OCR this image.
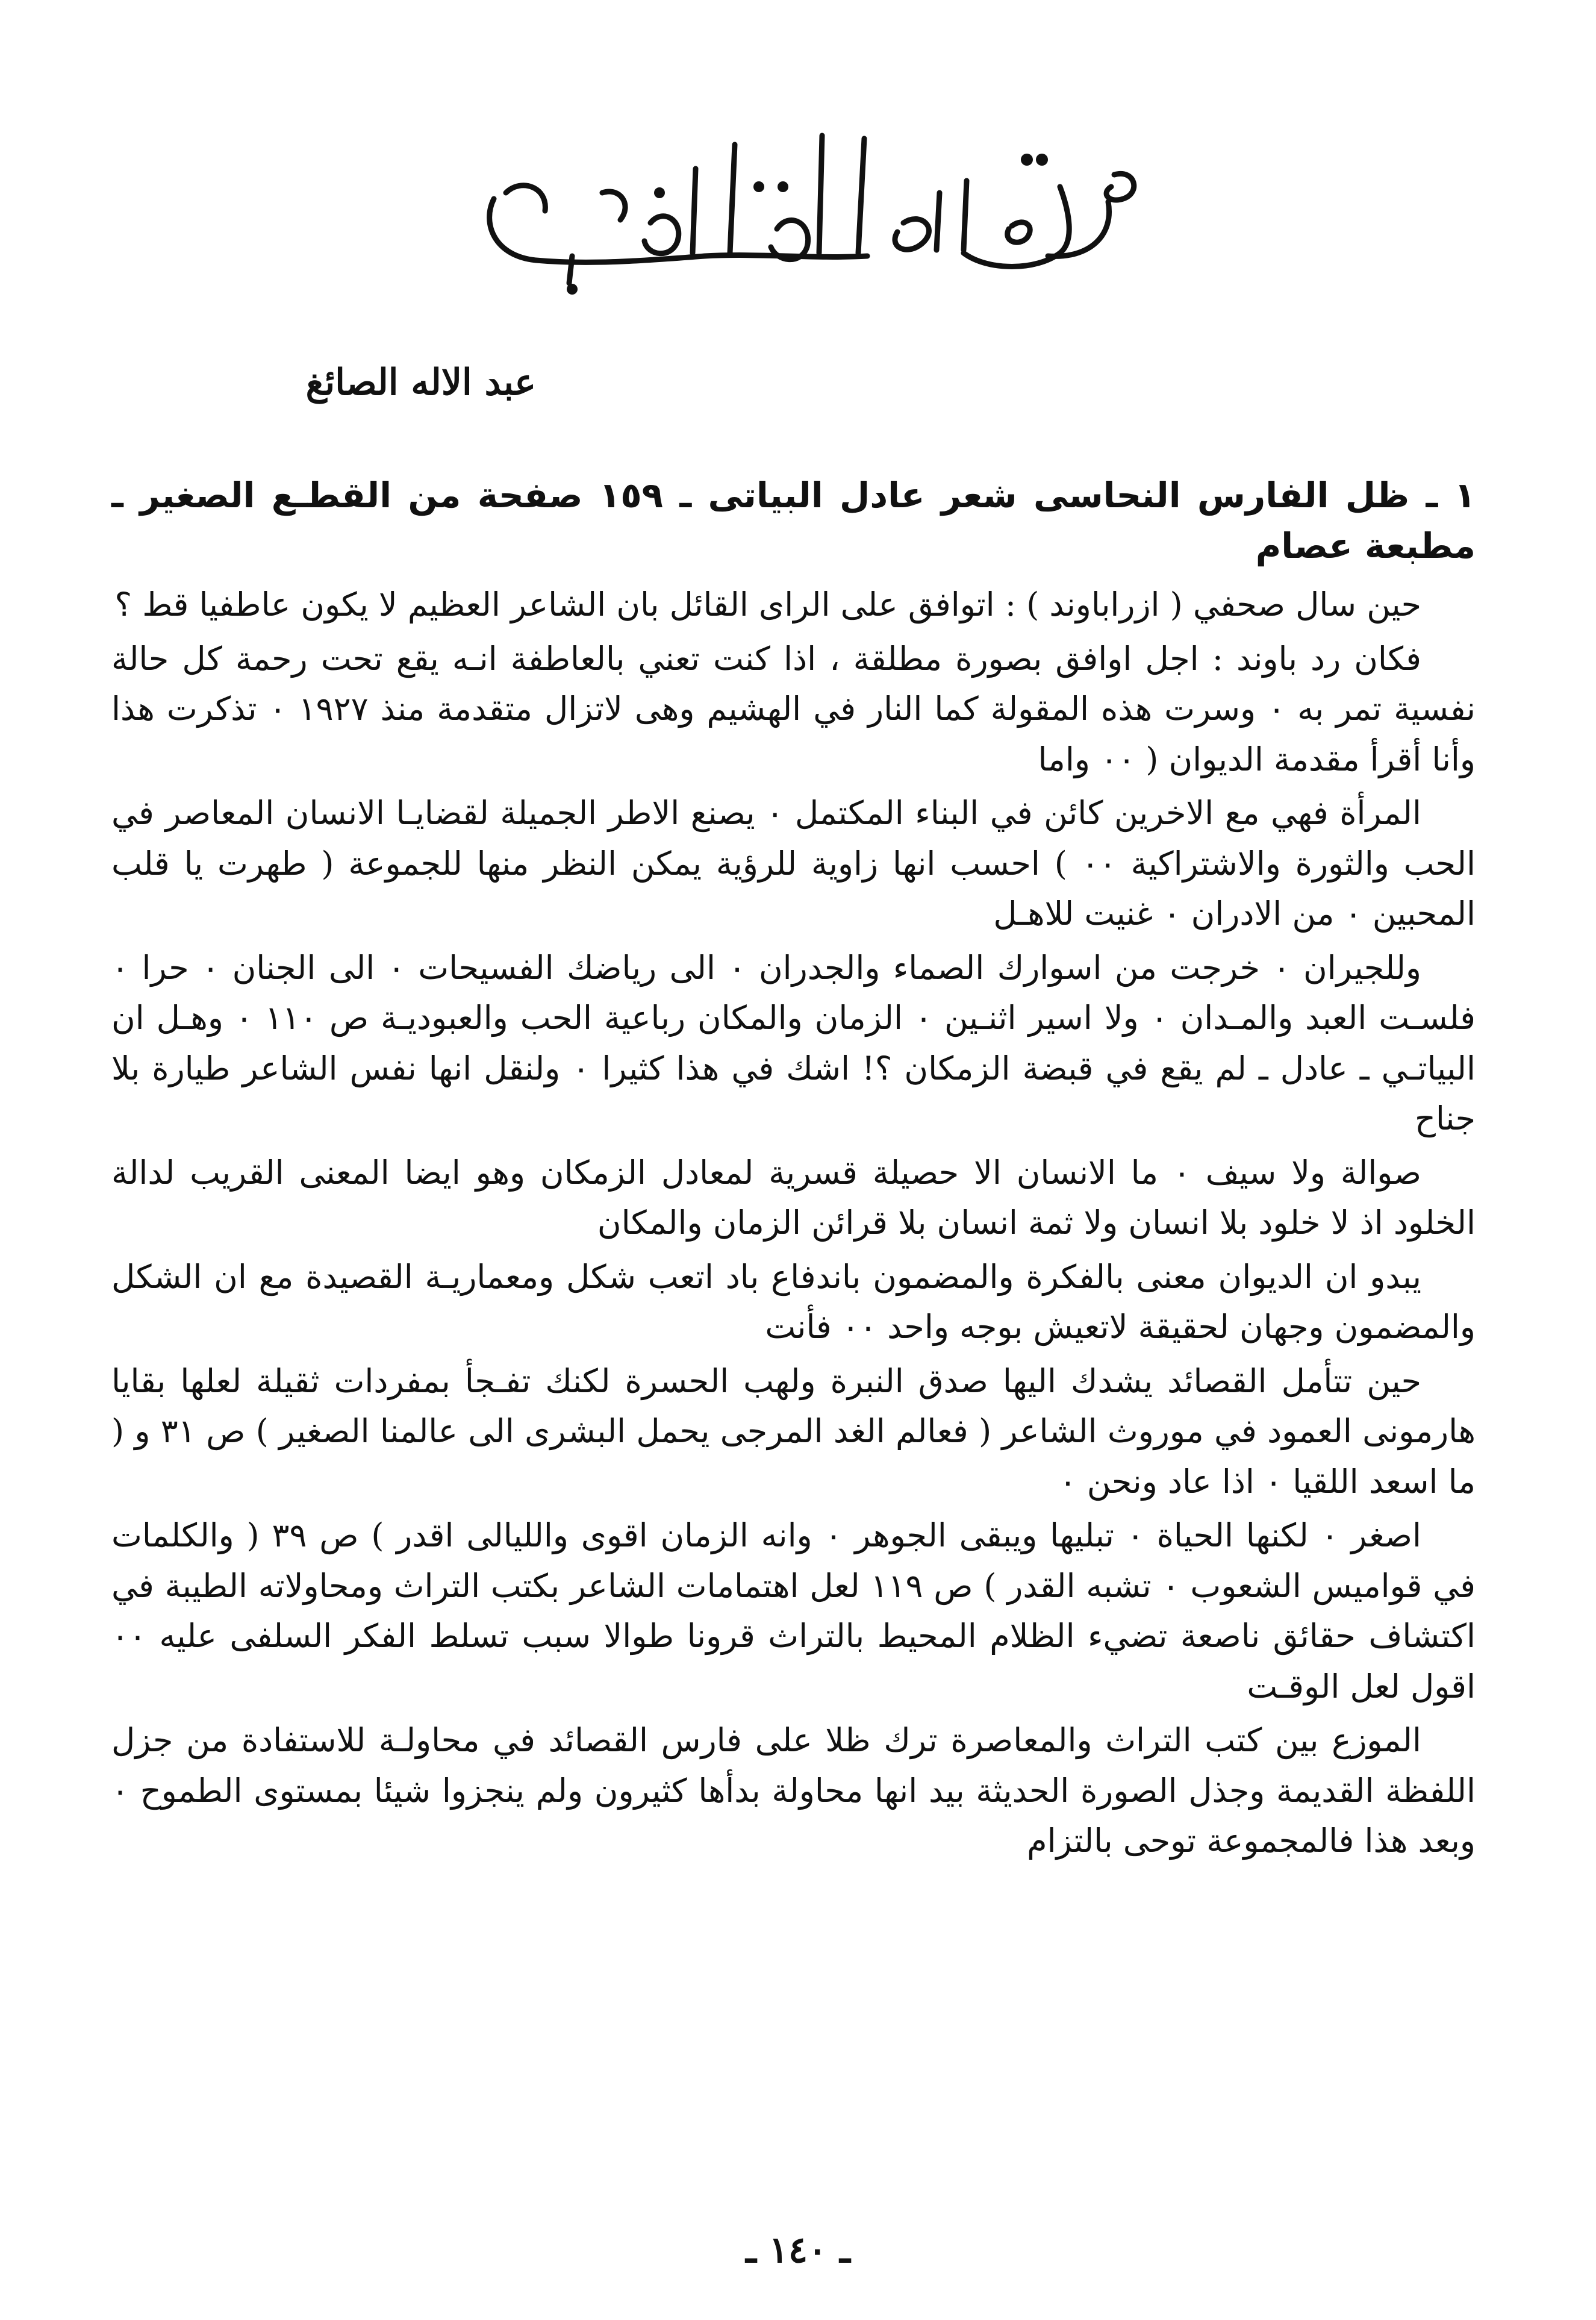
في رحبة الكتاب
عبد الاله الصائغ

١ ـ ظل الفارس النحاسى شعر عادل البياتى ـ ١٥٩ صفحة من القطـع الصغير ـ مطبعة عصام

حين سال صحفي ( ازراباوند ) : اتوافق على الراى القائل بان الشاعر العظيم لا يكون عاطفيا قط ؟

فكان رد باوند : اجل اوافق بصورة مطلقة ، اذا كنت تعني بالعاطفة انـه يقع تحت رحمة كل حالة نفسية تمر به ٠ وسرت هذه المقولة كما النار في الهشيم وهى لاتزال متقدمة منذ ١٩٢٧ ٠ تذكرت هذا وأنا أقرأ مقدمة الديوان ( ٠٠ واما

المرأة فهي مع الاخرين كائن في البناء المكتمل ٠ يصنع الاطر الجميلة لقضايـا الانسان المعاصر في الحب والثورة والاشتراكية ٠٠ ) احسب انها زاوية للرؤية يمكن النظر منها للجموعة ( طهرت يا قلب المحبين ٠ من الادران ٠ غنيت للاهـل

وللجيران ٠ خرجت من اسوارك الصماء والجدران ٠ الى رياضك الفسيحات ٠ الى الجنان ٠ حرا ٠ فلسـت العبد والمـدان ٠ ولا اسير اثنـين ٠ الزمان والمكان رباعية الحب والعبوديـة ص ١١٠ ٠ وهـل ان البياتـي ـ عادل ـ لم يقع في قبضة الزمكان ؟! اشك في هذا كثيرا ٠ ولنقل انها نفس الشاعر طيارة بلا جناح

صوالة ولا سيف ٠ ما الانسان الا حصيلة قسرية لمعادل الزمكان وهو ايضا المعنى القريب لدالة الخلود اذ لا خلود بلا انسان ولا ثمة انسان بلا قرائن الزمان والمكان

يبدو ان الديوان معنى بالفكرة والمضمون باندفاع باد اتعب شكل ومعماريـة القصيدة مع ان الشكل والمضمون وجهان لحقيقة لاتعيش بوجه واحد ٠٠ فأنت

حين تتأمل القصائد يشدك اليها صدق النبرة ولهب الحسرة لكنك تفـجأ بمفردات ثقيلة لعلها بقايا هارمونى العمود في موروث الشاعر ( فعالم الغد المرجى يحمل البشرى الى عالمنا الصغير ) ص ٣١ و ( ما اسعد اللقيا ٠ اذا عاد ونحن ٠

اصغر ٠ لكنها الحياة ٠ تبليها ويبقى الجوهر ٠ وانه الزمان اقوى والليالى اقدر ) ص ٣٩ ( والكلمات في قواميس الشعوب ٠ تشبه القدر ) ص ١١٩ لعل اهتمامات الشاعر بكتب التراث ومحاولاته الطيبة في اكتشاف حقائق ناصعة تضيء الظلام المحيط بالتراث قرونا طوالا سبب تسلط الفكر السلفى عليه ٠٠ اقول لعل الوقـت

الموزع بين كتب التراث والمعاصرة ترك ظلا على فارس القصائد في محاولـة للاستفادة من جزل اللفظة القديمة وجذل الصورة الحديثة بيد انها محاولة بدأها كثيرون ولم ينجزوا شيئا بمستوى الطموح ٠ وبعد هذا فالمجموعة توحى بالتزام

ـ ١٤٠ ـ
